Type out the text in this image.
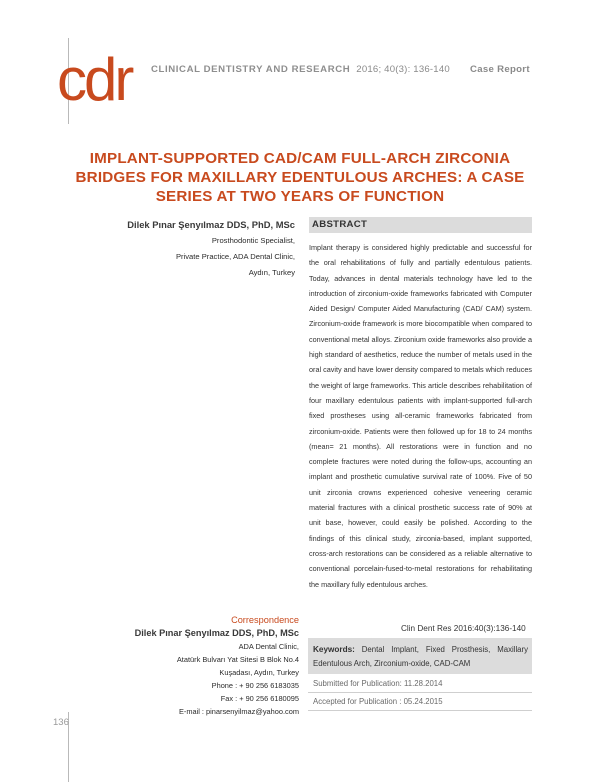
cdr CLINICAL DENTISTRY AND RESEARCH 2016; 40(3): 136-140 Case Report
IMPLANT-SUPPORTED CAD/CAM FULL-ARCH ZIRCONIA BRIDGES FOR MAXILLARY EDENTULOUS ARCHES: A CASE SERIES AT TWO YEARS OF FUNCTION
Dilek Pınar Şenyılmaz DDS, PhD, MSc
Prosthodontic Specialist,
Private Practice, ADA Dental Clinic,
Aydın, Turkey
ABSTRACT
Implant therapy is considered highly predictable and successful for the oral rehabilitations of fully and partially edentulous patients. Today, advances in dental materials technology have led to the introduction of zirconium-oxide frameworks fabricated with Computer Aided Design/ Computer Aided Manufacturing (CAD/ CAM) system. Zirconium-oxide framework is more biocompatible when compared to conventional metal alloys. Zirconium oxide frameworks also provide a high standard of aesthetics, reduce the number of metals used in the oral cavity and have lower density compared to metals which reduces the weight of large frameworks. This article describes rehabilitation of four maxillary edentulous patients with implant-supported full-arch fixed prostheses using all-ceramic frameworks fabricated from zirconium-oxide. Patients were then followed up for 18 to 24 months (mean= 21 months). All restorations were in function and no complete fractures were noted during the follow-ups, accounting an implant and prosthetic cumulative survival rate of 100%. Five of 50 unit zirconia crowns experienced cohesive veneering ceramic material fractures with a clinical prosthetic success rate of 90% at unit base, however, could easily be polished. According to the findings of this clinical study, zirconia-based, implant supported, cross-arch restorations can be considered as a reliable alternative to conventional porcelain-fused-to-metal restorations for rehabilitating the maxillary fully edentulous arches.
Correspondence
Dilek Pınar Şenyılmaz DDS, PhD, MSc
ADA Dental Clinic,
Atatürk Bulvarı Yat Sitesi B Blok No.4
Kuşadası, Aydın, Turkey
Phone : + 90 256 6183035
Fax : + 90 256 6180095
E-mail : pinarsenyilmaz@yahoo.com
Clin Dent Res 2016:40(3):136-140
Keywords: Dental Implant, Fixed Prosthesis, Maxillary Edentulous Arch, Zirconium-oxide, CAD-CAM
Submitted for Publication: 11.28.2014
Accepted for Publication : 05.24.2015
136
